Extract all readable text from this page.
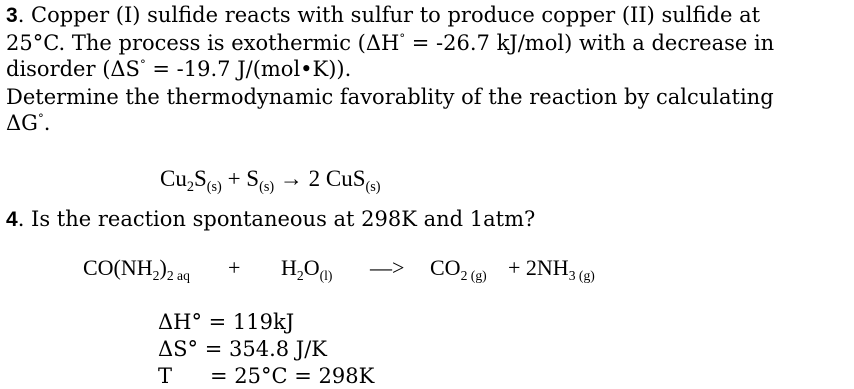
3. Copper (I) sulfide reacts with sulfur to produce copper (II) sulfide at
25°C. The process is exothermic (ΔH° = -26.7 kJ/mol) with a decrease in
disorder (ΔS° = -19.7 J/(mol•K)).
Determine the thermodynamic favorablity of the reaction by calculating
ΔG°.
$Cu_2S_{(s)} + S_{(s)} \to 2$ CuS$_{(s)}$
4. Is the reaction spontaneous at 298K and 1atm?
$CO(NH_2)_{2 aq} + H_2O_{(l)}$ —> $CO_{2 (g)} + 2NH_{3 (g)}$
ΔH° = 119kJ
ΔS° = 354.8 J/K
T = 25°C = 298K
